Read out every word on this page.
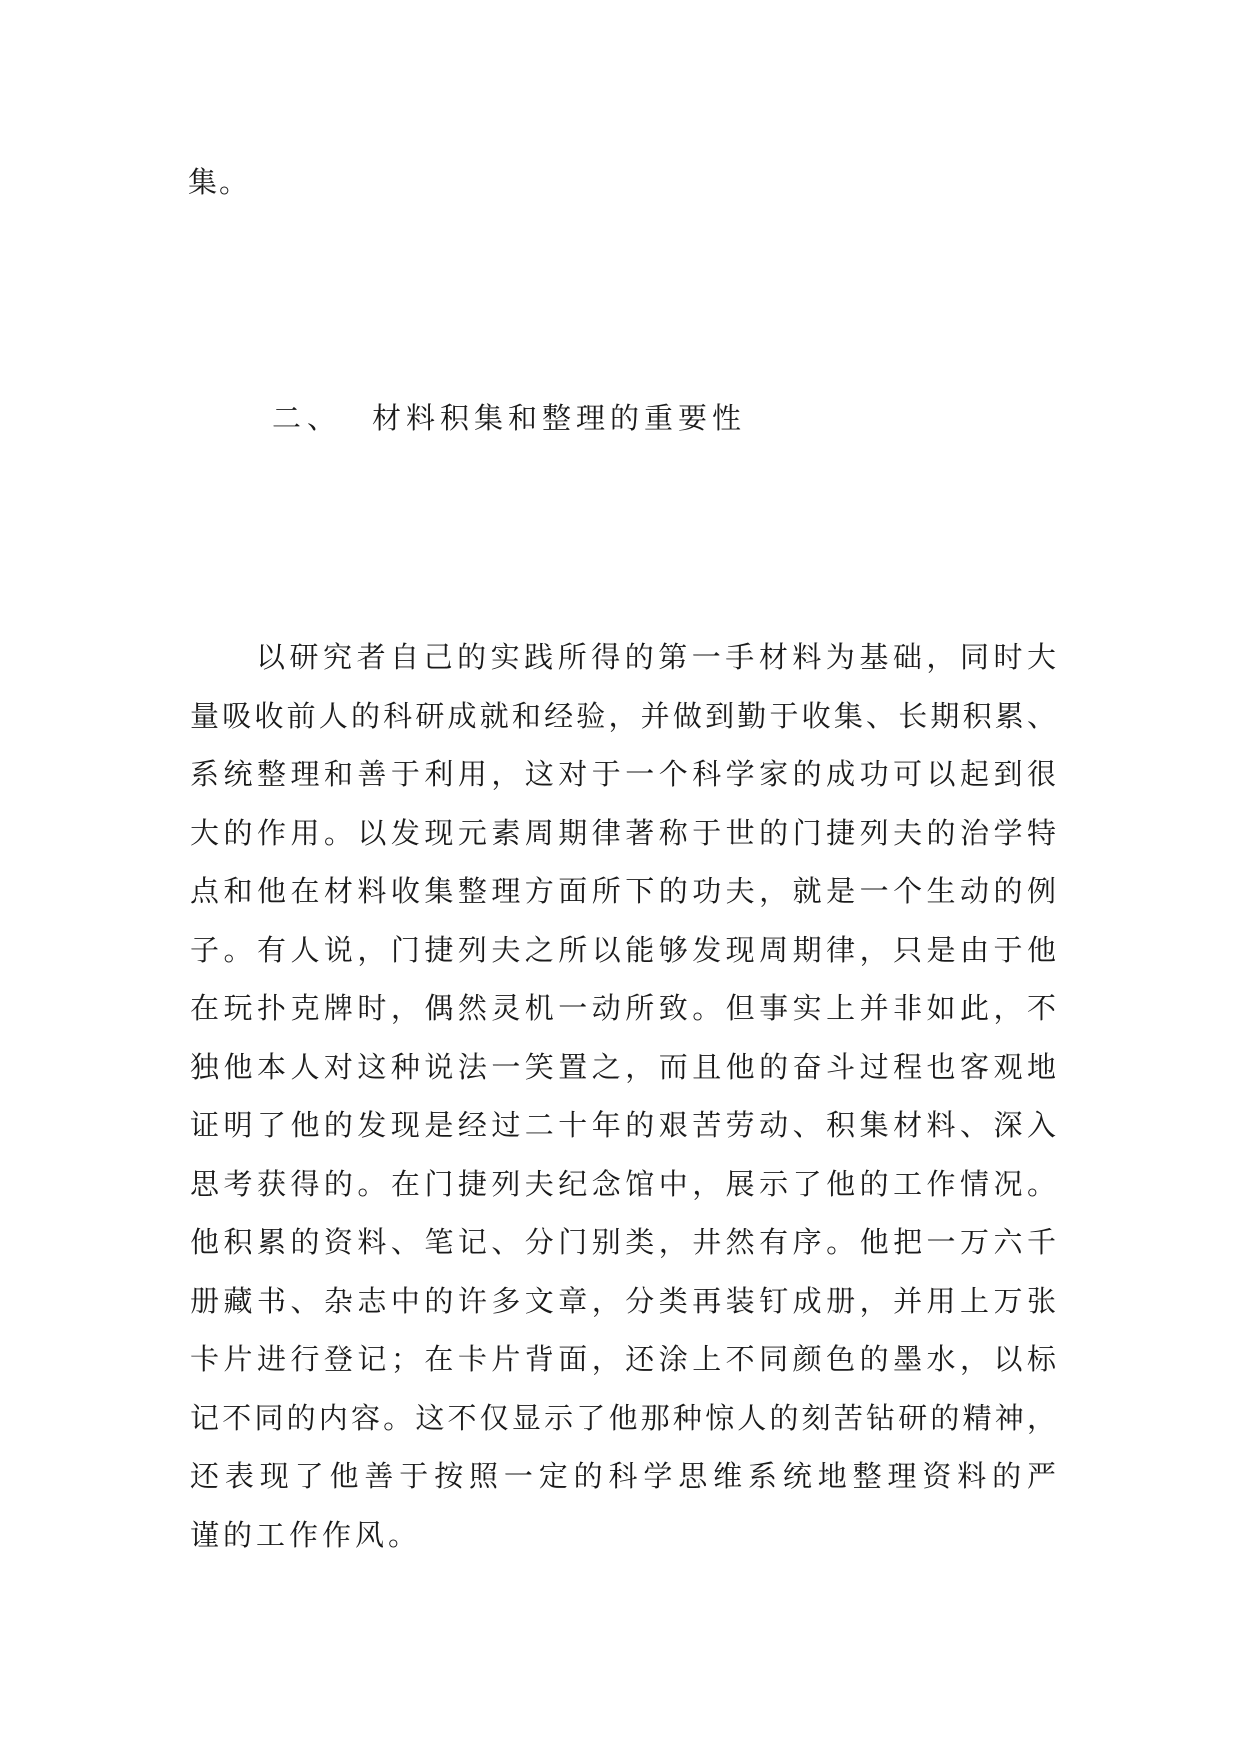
集。
二、 材料积集和整理的重要性
以研究者自己的实践所得的第一手材料为基础，同时大
量吸收前人的科研成就和经验，并做到勤于收集、长期积累、
系统整理和善于利用，这对于一个科学家的成功可以起到很
大的作用。以发现元素周期律著称于世的门捷列夫的治学特
点和他在材料收集整理方面所下的功夫，就是一个生动的例
子。有人说，门捷列夫之所以能够发现周期律，只是由于他
在玩扑克牌时，偶然灵机一动所致。但事实上并非如此，不
独他本人对这种说法一笑置之，而且他的奋斗过程也客观地
证明了他的发现是经过二十年的艰苦劳动、积集材料、深入
思考获得的。在门捷列夫纪念馆中，展示了他的工作情况。
他积累的资料、笔记、分门别类，井然有序。他把一万六千
册藏书、杂志中的许多文章，分类再装钉成册，并用上万张
卡片进行登记；在卡片背面，还涂上不同颜色的墨水，以标
记不同的内容。这不仅显示了他那种惊人的刻苦钻研的精神，
还表现了他善于按照一定的科学思维系统地整理资料的严
谨的工作作风。
